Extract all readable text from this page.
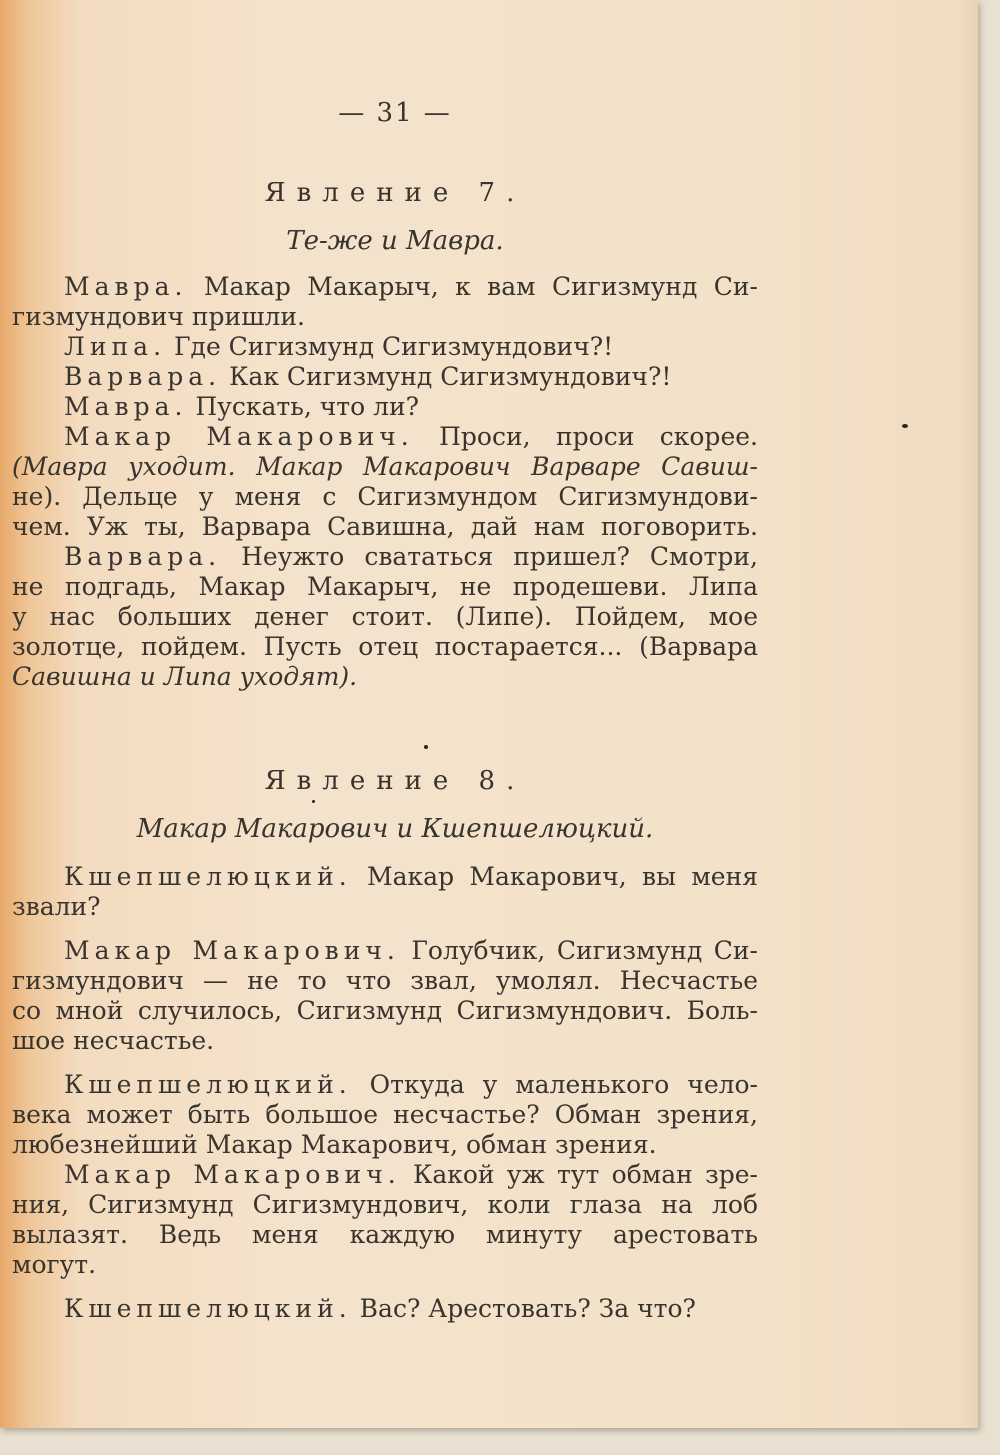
— 31 —
Явление 7.
Те-же и Мавра.
Мавра. Макар Макарыч, к вам Сигизмунд Си-
гизмундович пришли.
Липа. Где Сигизмунд Сигизмундович?!
Варвара. Как Сигизмунд Сигизмундович?!
Мавра. Пускать, что ли?
Макар Макарович. Проси, проси скорее.
(Мавра уходит. Макар Макарович Варваре Савиш-
не). Дельце у меня с Сигизмундом Сигизмундови-
чем. Уж ты, Варвара Савишна, дай нам поговорить.
Варвара. Неужто свататься пришел? Смотри,
не подгадь, Макар Макарыч, не продешеви. Липа
у нас больших денег стоит. (Липе). Пойдем, мое
золотце, пойдем. Пусть отец постарается... (Варвара
Савишна и Липа уходят).
Явление 8.
Макар Макарович и Кшепшелюцкий.
Кшепшелюцкий. Макар Макарович, вы меня
звали?
Макар Макарович. Голубчик, Сигизмунд Си-
гизмундович — не то что звал, умолял. Несчастье
со мной случилось, Сигизмунд Сигизмундович. Боль-
шое несчастье.
Кшепшелюцкий. Откуда у маленького чело-
века может быть большое несчастье? Обман зрения,
любезнейший Макар Макарович, обман зрения.
Макар Макарович. Какой уж тут обман зре-
ния, Сигизмунд Сигизмундович, коли глаза на лоб
вылазят. Ведь меня каждую минуту арестовать
могут.
Кшепшелюцкий. Вас? Арестовать? За что?
